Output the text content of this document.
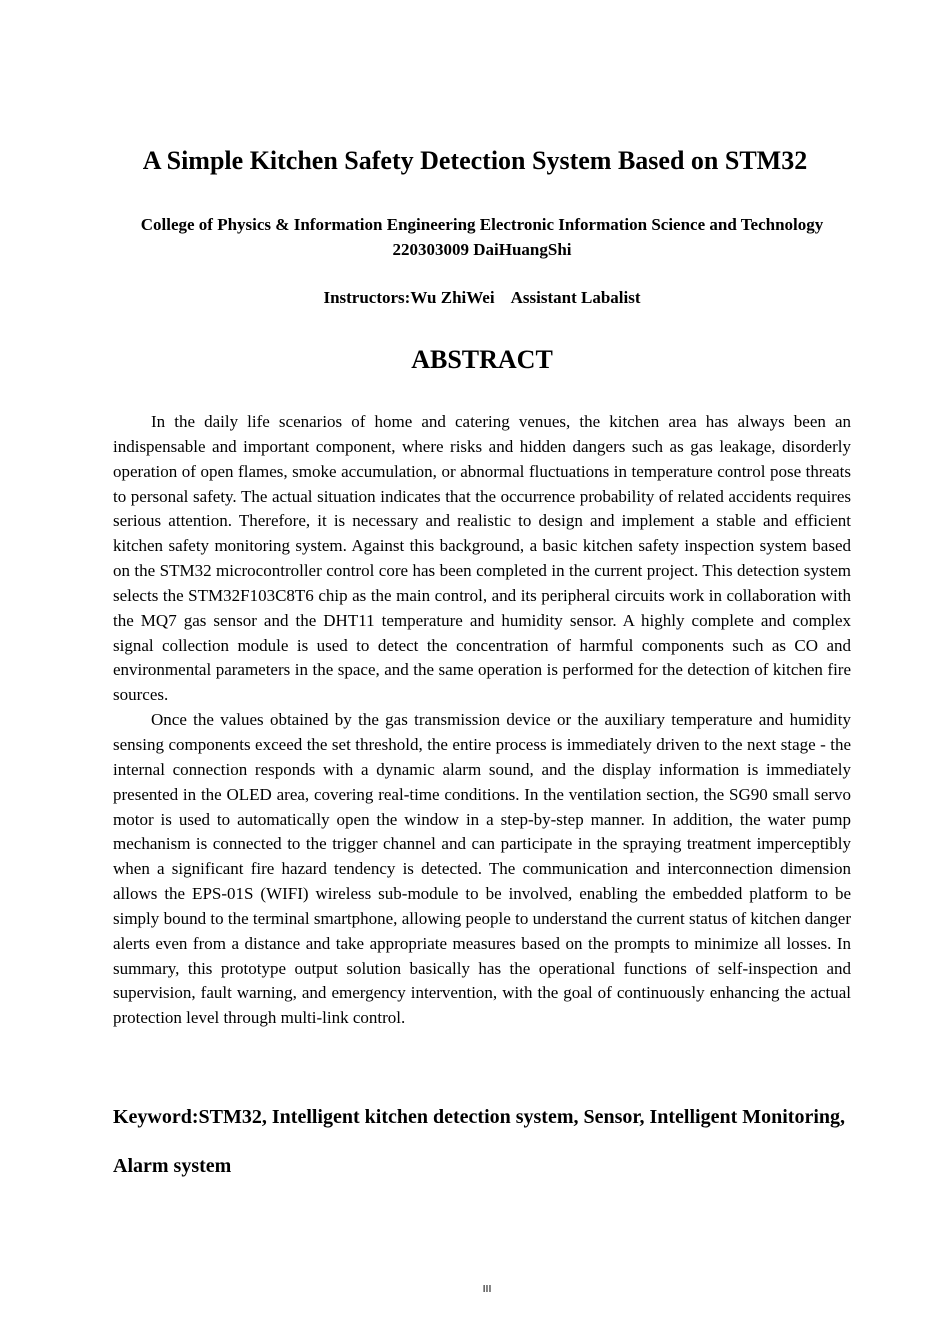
A Simple Kitchen Safety Detection System Based on STM32

College of Physics & Information Engineering Electronic Information Science and Technology 220303009 DaiHuangShi

Instructors:Wu ZhiWei    Assistant Labalist

ABSTRACT

In the daily life scenarios of home and catering venues, the kitchen area has always been an indispensable and important component, where risks and hidden dangers such as gas leakage, disorderly operation of open flames, smoke accumulation, or abnormal fluctuations in temperature control pose threats to personal safety. The actual situation indicates that the occurrence probability of related accidents requires serious attention. Therefore, it is necessary and realistic to design and implement a stable and efficient kitchen safety monitoring system. Against this background, a basic kitchen safety inspection system based on the STM32 microcontroller control core has been completed in the current project. This detection system selects the STM32F103C8T6 chip as the main control, and its peripheral circuits work in collaboration with the MQ7 gas sensor and the DHT11 temperature and humidity sensor. A highly complete and complex signal collection module is used to detect the concentration of harmful components such as CO and environmental parameters in the space, and the same operation is performed for the detection of kitchen fire sources.

Once the values obtained by the gas transmission device or the auxiliary temperature and humidity sensing components exceed the set threshold, the entire process is immediately driven to the next stage - the internal connection responds with a dynamic alarm sound, and the display information is immediately presented in the OLED area, covering real-time conditions. In the ventilation section, the SG90 small servo motor is used to automatically open the window in a step-by-step manner. In addition, the water pump mechanism is connected to the trigger channel and can participate in the spraying treatment imperceptibly when a significant fire hazard tendency is detected. The communication and interconnection dimension allows the EPS-01S (WIFI) wireless sub-module to be involved, enabling the embedded platform to be simply bound to the terminal smartphone, allowing people to understand the current status of kitchen danger alerts even from a distance and take appropriate measures based on the prompts to minimize all losses. In summary, this prototype output solution basically has the operational functions of self-inspection and supervision, fault warning, and emergency intervention, with the goal of continuously enhancing the actual protection level through multi-link control.

Keyword:STM32, Intelligent kitchen detection system, Sensor, Intelligent Monitoring, Alarm system

III
